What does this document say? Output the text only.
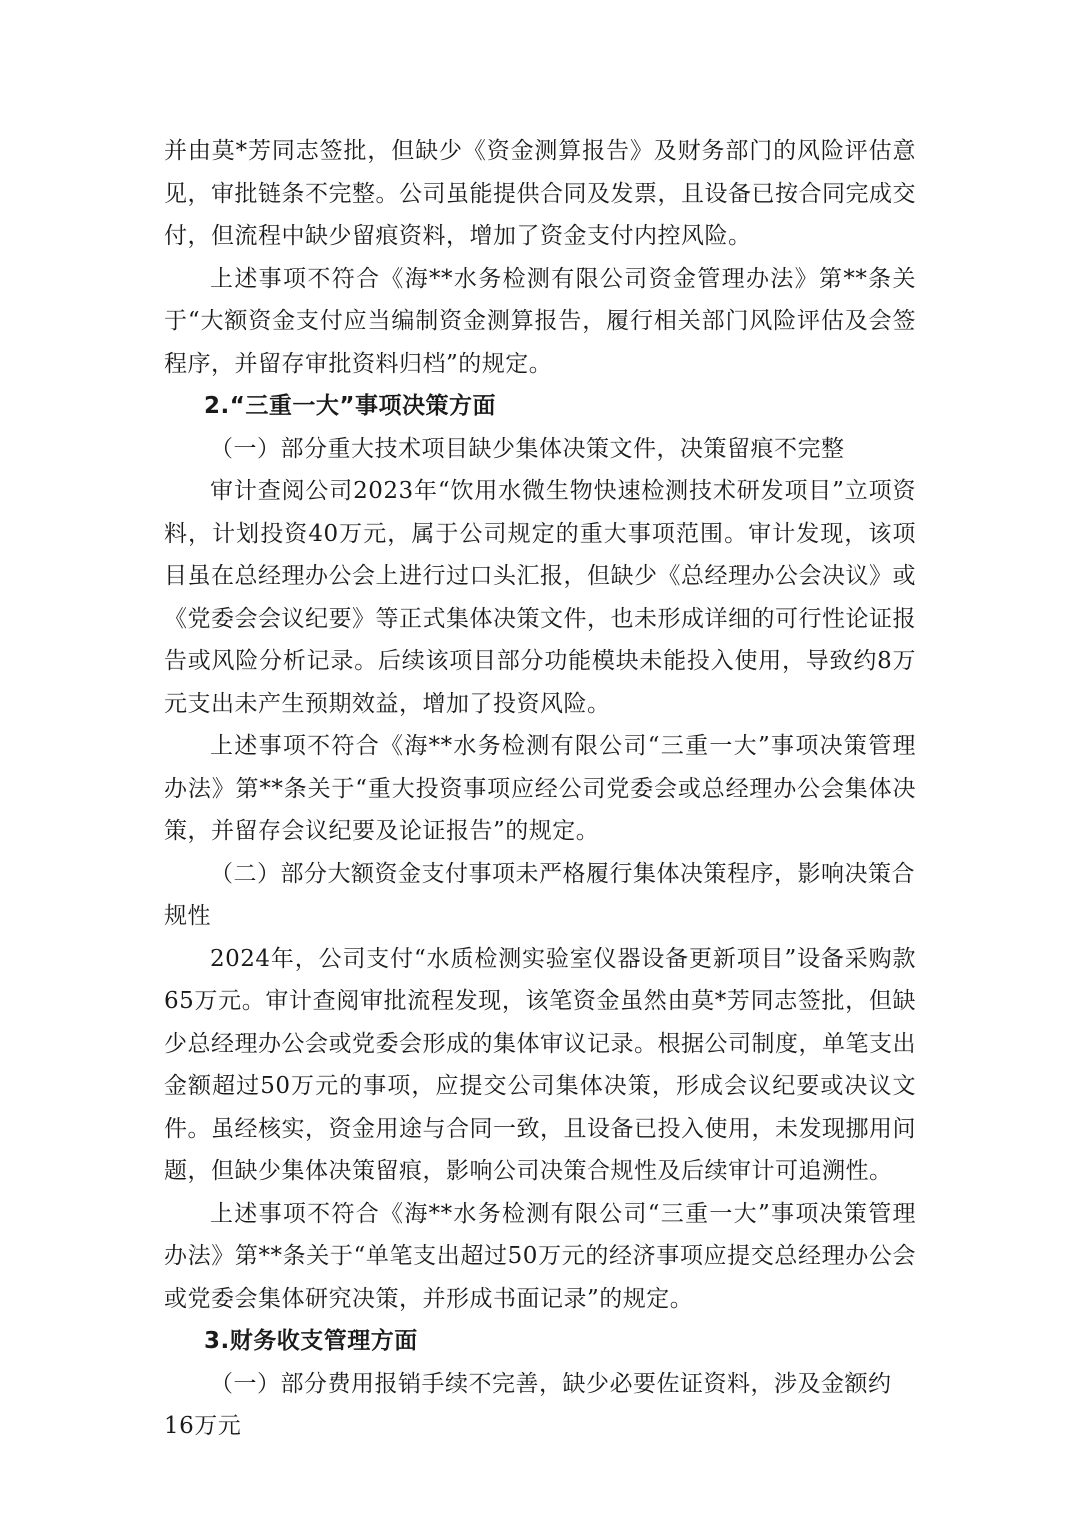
并由莫*芳同志签批，但缺少《资金测算报告》及财务部门的风险评估意见，审批链条不完整。公司虽能提供合同及发票，且设备已按合同完成交付，但流程中缺少留痕资料，增加了资金支付内控风险。

上述事项不符合《海**水务检测有限公司资金管理办法》第**条关于“大额资金支付应当编制资金测算报告，履行相关部门风险评估及会签程序，并留存审批资料归档”的规定。

2.“三重一大”事项决策方面

（一）部分重大技术项目缺少集体决策文件，决策留痕不完整

审计查阅公司2023年“饮用水微生物快速检测技术研发项目”立项资料，计划投资40万元，属于公司规定的重大事项范围。审计发现，该项目虽在总经理办公会上进行过口头汇报，但缺少《总经理办公会决议》或《党委会会议纪要》等正式集体决策文件，也未形成详细的可行性论证报告或风险分析记录。后续该项目部分功能模块未能投入使用，导致约8万元支出未产生预期效益，增加了投资风险。

上述事项不符合《海**水务检测有限公司“三重一大”事项决策管理办法》第**条关于“重大投资事项应经公司党委会或总经理办公会集体决策，并留存会议纪要及论证报告”的规定。

（二）部分大额资金支付事项未严格履行集体决策程序，影响决策合规性

2024年，公司支付“水质检测实验室仪器设备更新项目”设备采购款65万元。审计查阅审批流程发现，该笔资金虽然由莫*芳同志签批，但缺少总经理办公会或党委会形成的集体审议记录。根据公司制度，单笔支出金额超过50万元的事项，应提交公司集体决策，形成会议纪要或决议文件。虽经核实，资金用途与合同一致，且设备已投入使用，未发现挪用问题，但缺少集体决策留痕，影响公司决策合规性及后续审计可追溯性。

上述事项不符合《海**水务检测有限公司“三重一大”事项决策管理办法》第**条关于“单笔支出超过50万元的经济事项应提交总经理办公会或党委会集体研究决策，并形成书面记录”的规定。

3.财务收支管理方面

（一）部分费用报销手续不完善，缺少必要佐证资料，涉及金额约16万元
